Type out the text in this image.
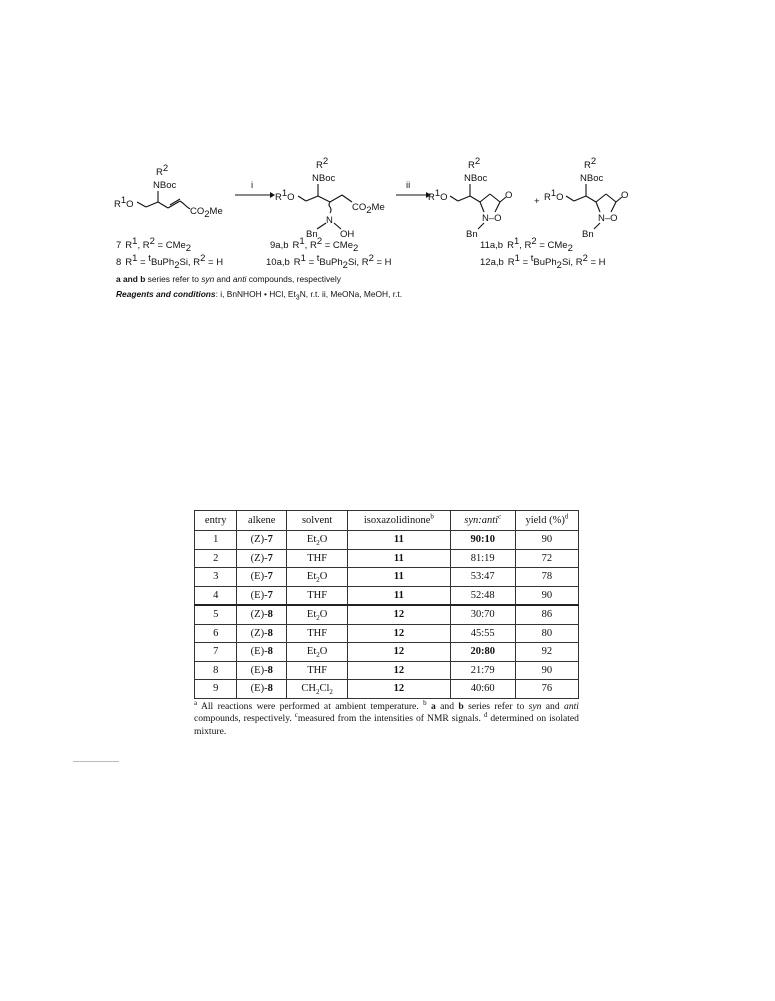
R2
NBoc
R1O
CO2Me
i
R2
NBoc
R1O
CO2Me
N
Bn OH
ii
R2
NBoc
R1O	O
N–O
Bn
+
R2
NBoc
R1O	O
N–O
Bn
7 R1, R2 = CMe2
8 R1 = tBuPh2Si, R2 = H
9a,b R1, R2 = CMe2
10a,b R1 = tBuPh2Si, R2 = H
11a,b R1, R2 = CMe2
12a,b R1 = tBuPh2Si, R2 = H
a and b series refer to syn and anti compounds, respectively
Reagents and conditions: i, BnNHOH • HCl, $Et_3N$, r.t. ii, MeONa, MeOH, r.t.
entry	alkene	solvent	isoxazolidinone$^b$	syn:anti$^c$	yield (%)$^d$
1	(Z)-7	$Et_2O$	11	90:10	90
2	(Z)-7	THF	11	81:19	72
3	(E)-7	$Et_2O$	11	53:47	78
4	(E)-7	THF	11	52:48	90
5	(Z)-8	$Et_2O$	12	30:70	86
6	(Z)-8	THF	12	45:55	80
7	(E)-8	$Et_2O$	12	20:80	92
8	(E)-8	THF	12	21:79	90
9	(E)-8	$CH_2Cl_2$	12	40:60	76
$^a$ All reactions were performed at ambient temperature. $^b$ a and b series refer to syn and anti compounds, respectively. $^c$measured from the intensities of NMR signals. $^d$ determined on isolated mixture.
